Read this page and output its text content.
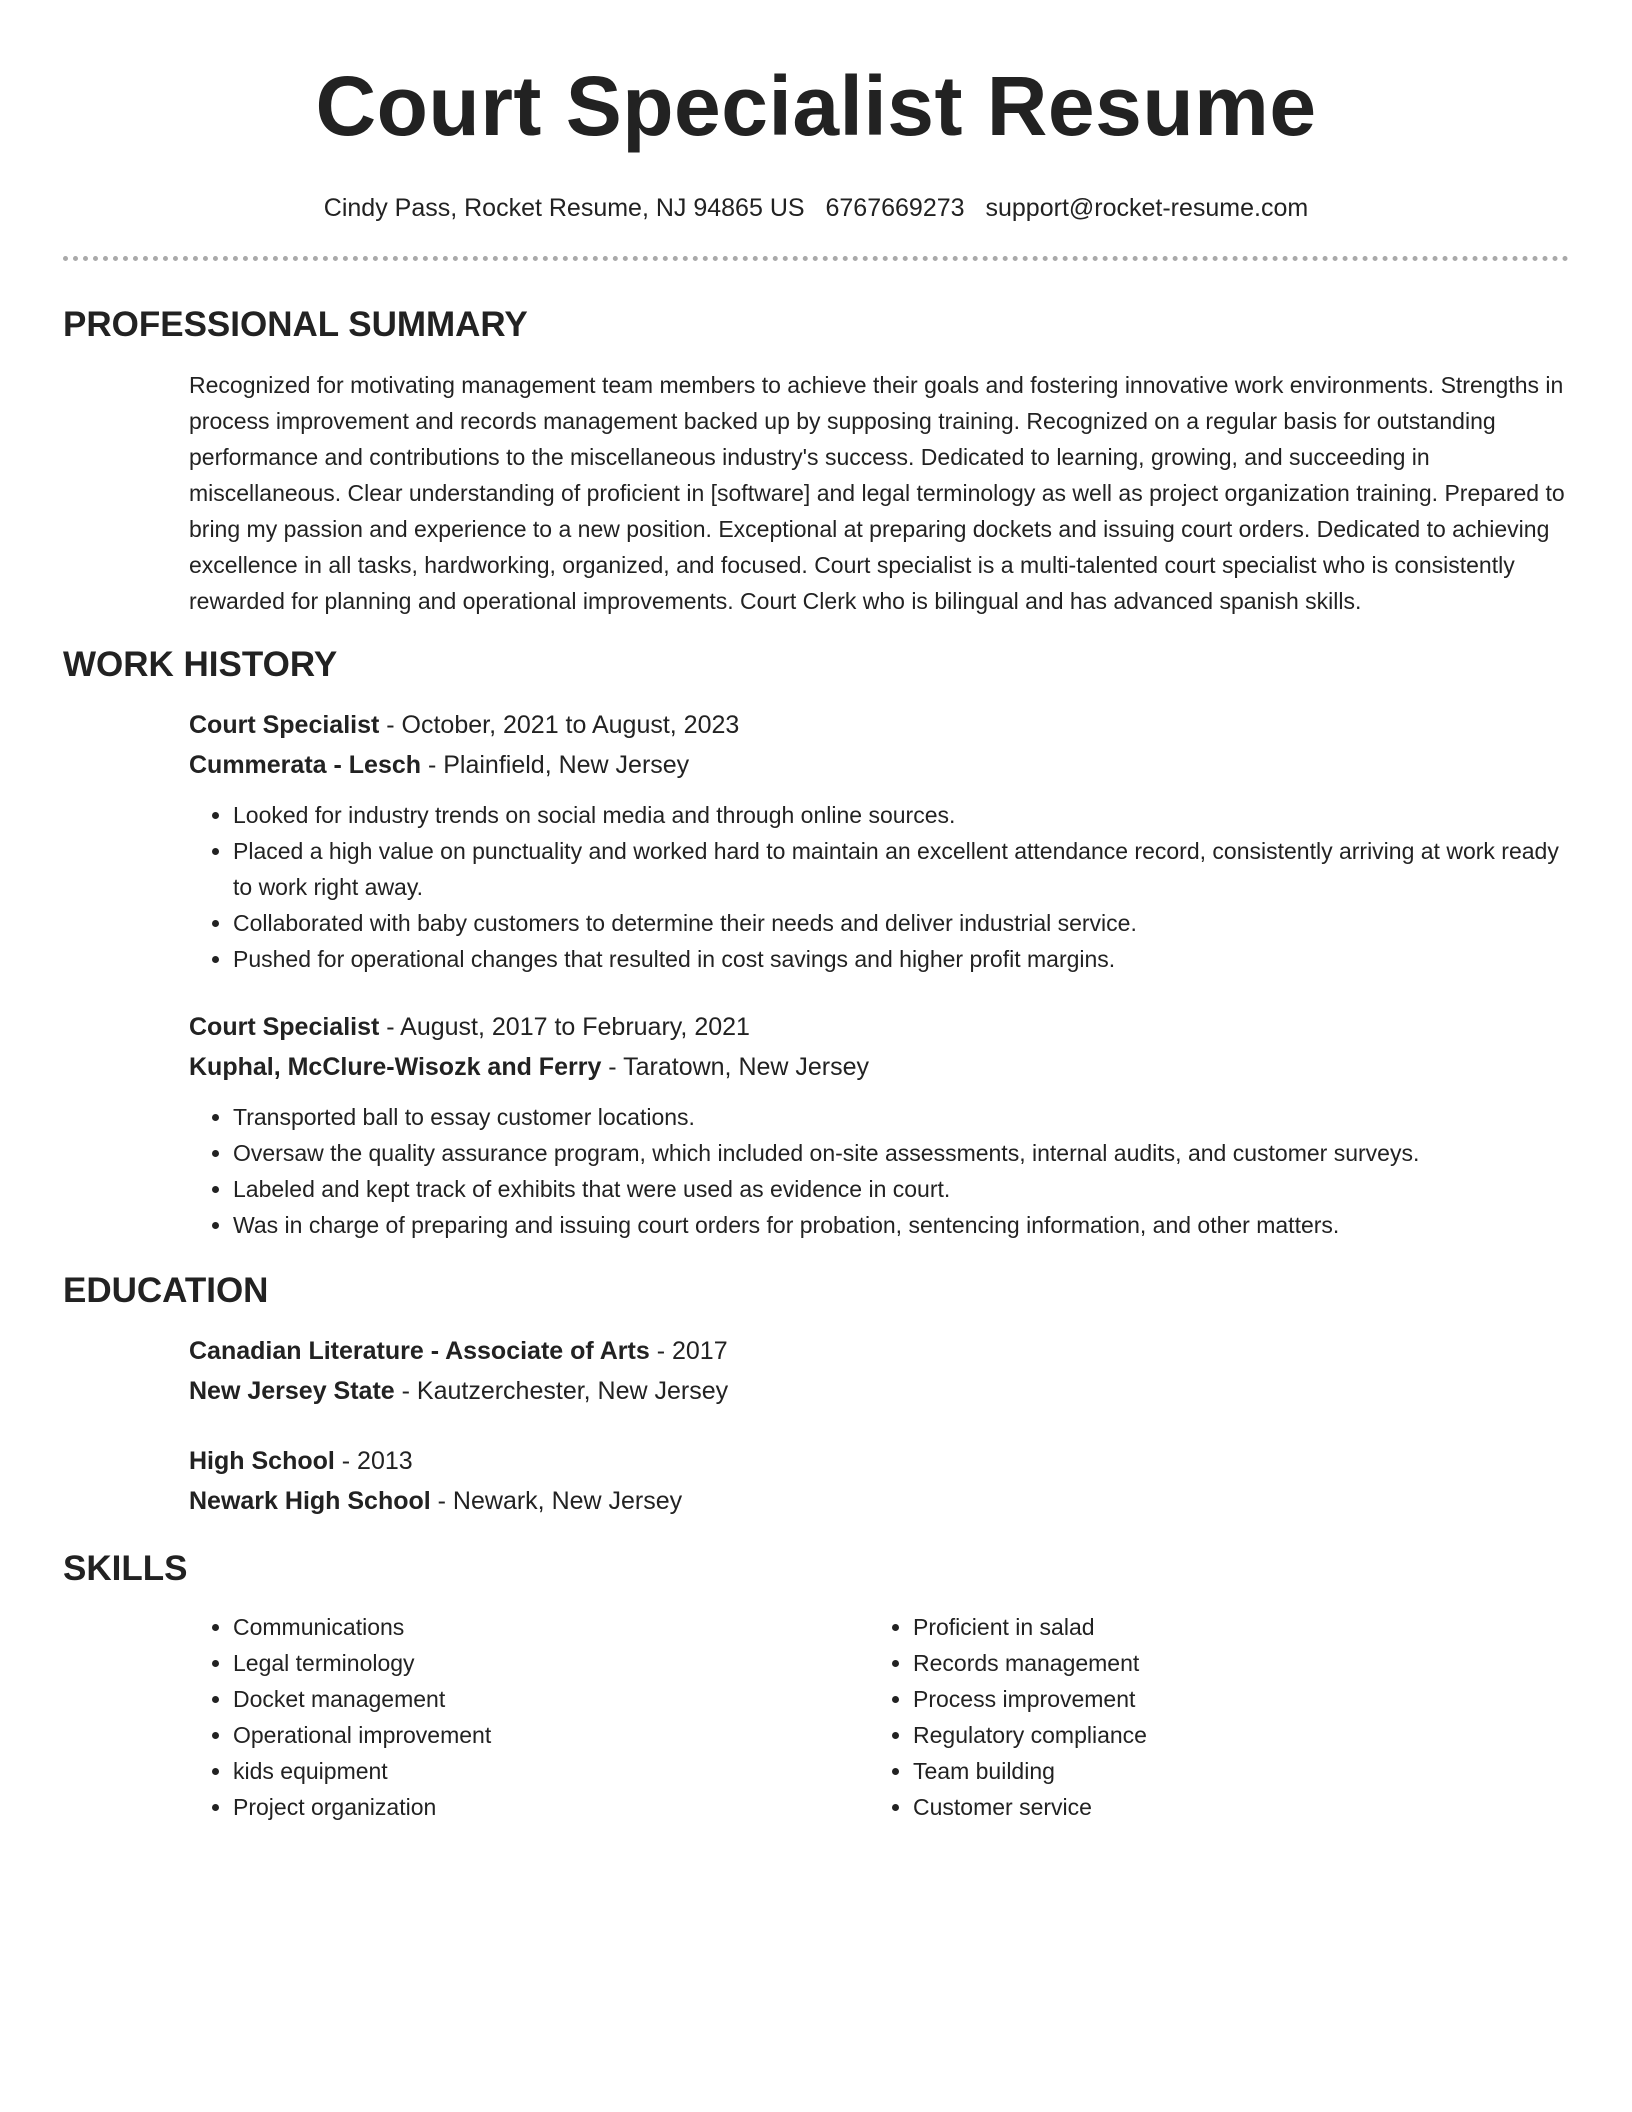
Court Specialist Resume
Cindy Pass, Rocket Resume, NJ 94865 US 6767669273 support@rocket-resume.com
PROFESSIONAL SUMMARY
Recognized for motivating management team members to achieve their goals and fostering innovative work environments. Strengths in process improvement and records management backed up by supposing training. Recognized on a regular basis for outstanding performance and contributions to the miscellaneous industry's success. Dedicated to learning, growing, and succeeding in miscellaneous. Clear understanding of proficient in [software] and legal terminology as well as project organization training. Prepared to bring my passion and experience to a new position. Exceptional at preparing dockets and issuing court orders. Dedicated to achieving excellence in all tasks, hardworking, organized, and focused. Court specialist is a multi-talented court specialist who is consistently rewarded for planning and operational improvements. Court Clerk who is bilingual and has advanced spanish skills.
WORK HISTORY
Court Specialist - October, 2021 to August, 2023
Cummerata - Lesch - Plainfield, New Jersey
• Looked for industry trends on social media and through online sources.
• Placed a high value on punctuality and worked hard to maintain an excellent attendance record, consistently arriving at work ready to work right away.
• Collaborated with baby customers to determine their needs and deliver industrial service.
• Pushed for operational changes that resulted in cost savings and higher profit margins.
Court Specialist - August, 2017 to February, 2021
Kuphal, McClure-Wisozk and Ferry - Taratown, New Jersey
• Transported ball to essay customer locations.
• Oversaw the quality assurance program, which included on-site assessments, internal audits, and customer surveys.
• Labeled and kept track of exhibits that were used as evidence in court.
• Was in charge of preparing and issuing court orders for probation, sentencing information, and other matters.
EDUCATION
Canadian Literature - Associate of Arts - 2017
New Jersey State - Kautzerchester, New Jersey
High School - 2013
Newark High School - Newark, New Jersey
SKILLS
• Communications
• Legal terminology
• Docket management
• Operational improvement
• kids equipment
• Project organization
• Proficient in salad
• Records management
• Process improvement
• Regulatory compliance
• Team building
• Customer service
